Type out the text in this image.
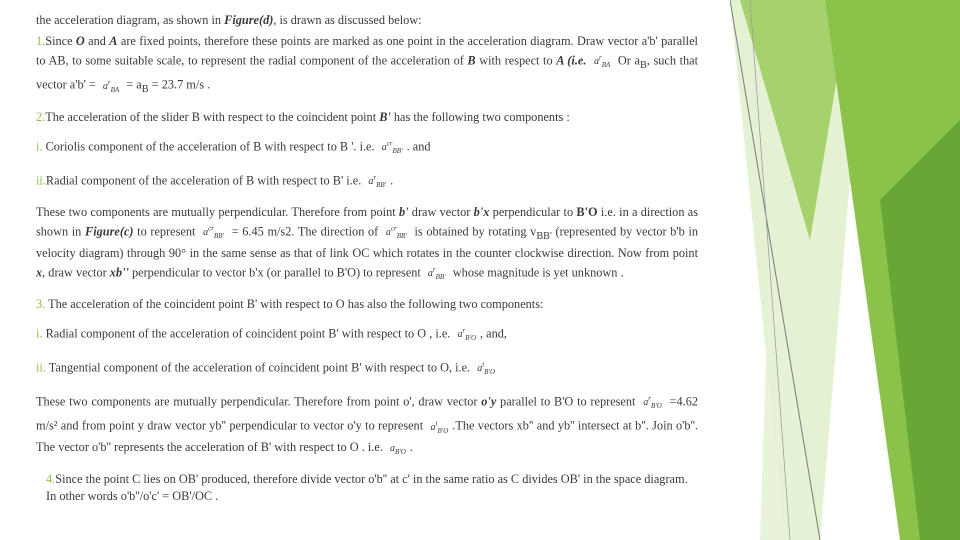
the acceleration diagram, as shown in Figure(d), is drawn as discussed below:
1.Since O and A are fixed points, therefore these points are marked as one point in the acceleration diagram. Draw vector a'b' parallel to AB, to some suitable scale, to represent the radial component of the acceleration of B with respect to A (i.e. $a^r_{BA}$ Or $a_B$, such that vector $a'b' = a^r_{BA} = a_B = 23.7$ m/s .
2.The acceleration of the slider B with respect to the coincident point B' has the following two components :
i. Coriolis component of the acceleration of B with respect to B '. i.e. $a^{cr}_{BB'}$ . and
ii.Radial component of the acceleration of B with respect to B' i.e. $a^r_{BB'}$ .
These two components are mutually perpendicular. Therefore from point b' draw vector b'x perpendicular to B'O i.e. in a direction as shown in Figure(c) to represent $a^{cr}_{BB'} = 6.45$ m/s2. The direction of $a^{cr}_{BB'}$ is obtained by rotating $v_{BB'}$ (represented by vector b'b in velocity diagram) through 90° in the same sense as that of link OC which rotates in the counter clockwise direction. Now from point x, draw vector xb'' perpendicular to vector b'x (or parallel to B'O) to represent $a^r_{BB'}$ whose magnitude is yet unknown .
3. The acceleration of the coincident point B' with respect to O has also the following two components:
i. Radial component of the acceleration of coincident point B' with respect to O , i.e. $a^r_{B'O}$ , and,
ii. Tangential component of the acceleration of coincident point B' with respect to O, i.e. $a^t_{B'O}$
These two components are mutually perpendicular. Therefore from point o', draw vector o'y parallel to B'O to represent $a^r_{B'O} =4.62$ m/s² and from point y draw vector yb'' perpendicular to vector o'y to represent $a^t_{B'O}$ .The vectors xb'' and yb'' intersect at b''. Join o'b''. The vector o'b'' represents the acceleration of B' with respect to O . i.e. $a_{B'O}$ .
4.Since the point C lies on OB' produced, therefore divide vector o'b'' at c' in the same ratio as C divides OB' in the space diagram. In other words o'b''/o'c' = OB'/OC .
